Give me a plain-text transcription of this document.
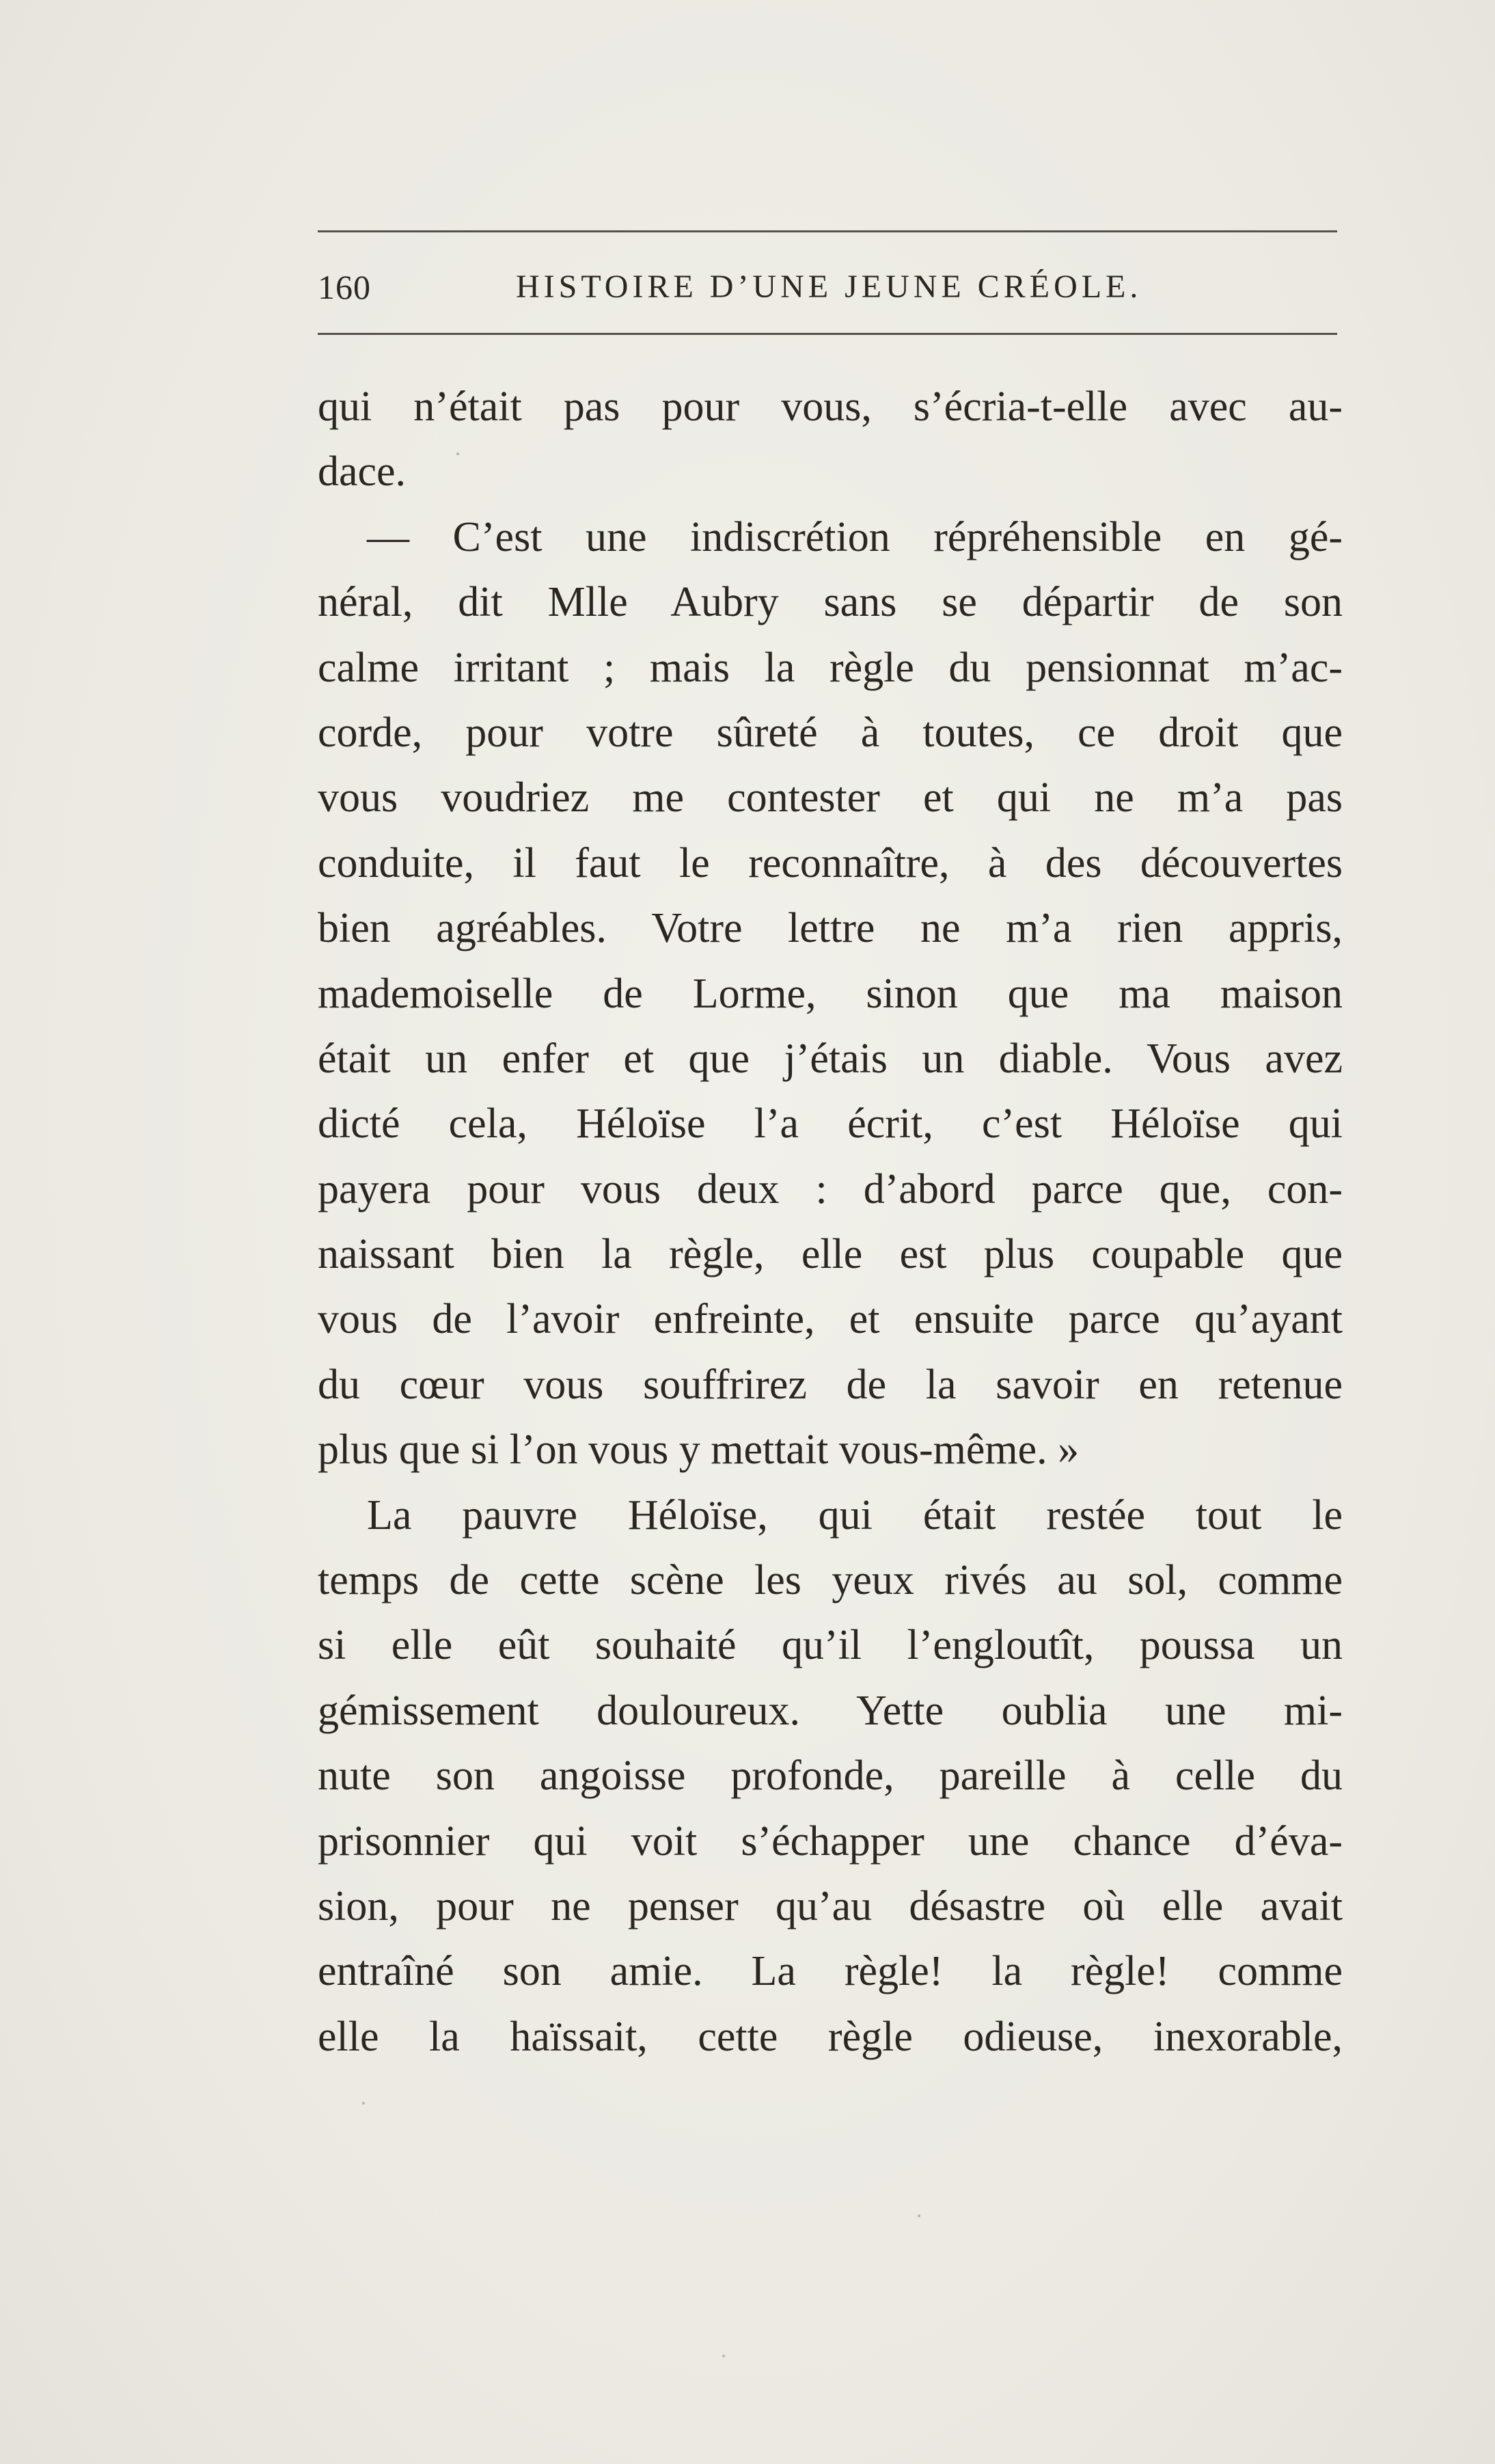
160	HISTOIRE D’UNE JEUNE CRÉOLE.
qui n’était pas pour vous, s’écria-t-elle avec au-
dace.
— C’est une indiscrétion répréhensible en gé-
néral, dit Mlle Aubry sans se départir de son
calme irritant ; mais la règle du pensionnat m’ac-
corde, pour votre sûreté à toutes, ce droit que
vous voudriez me contester et qui ne m’a pas
conduite, il faut le reconnaître, à des découvertes
bien agréables. Votre lettre ne m’a rien appris,
mademoiselle de Lorme, sinon que ma maison
était un enfer et que j’étais un diable. Vous avez
dicté cela, Héloïse l’a écrit, c’est Héloïse qui
payera pour vous deux : d’abord parce que, con-
naissant bien la règle, elle est plus coupable que
vous de l’avoir enfreinte, et ensuite parce qu’ayant
du cœur vous souffrirez de la savoir en retenue
plus que si l’on vous y mettait vous-même. »
La pauvre Héloïse, qui était restée tout le
temps de cette scène les yeux rivés au sol, comme
si elle eût souhaité qu’il l’engloutît, poussa un
gémissement douloureux. Yette oublia une mi-
nute son angoisse profonde, pareille à celle du
prisonnier qui voit s’échapper une chance d’éva-
sion, pour ne penser qu’au désastre où elle avait
entraîné son amie. La règle! la règle! comme
elle la haïssait, cette règle odieuse, inexorable,
